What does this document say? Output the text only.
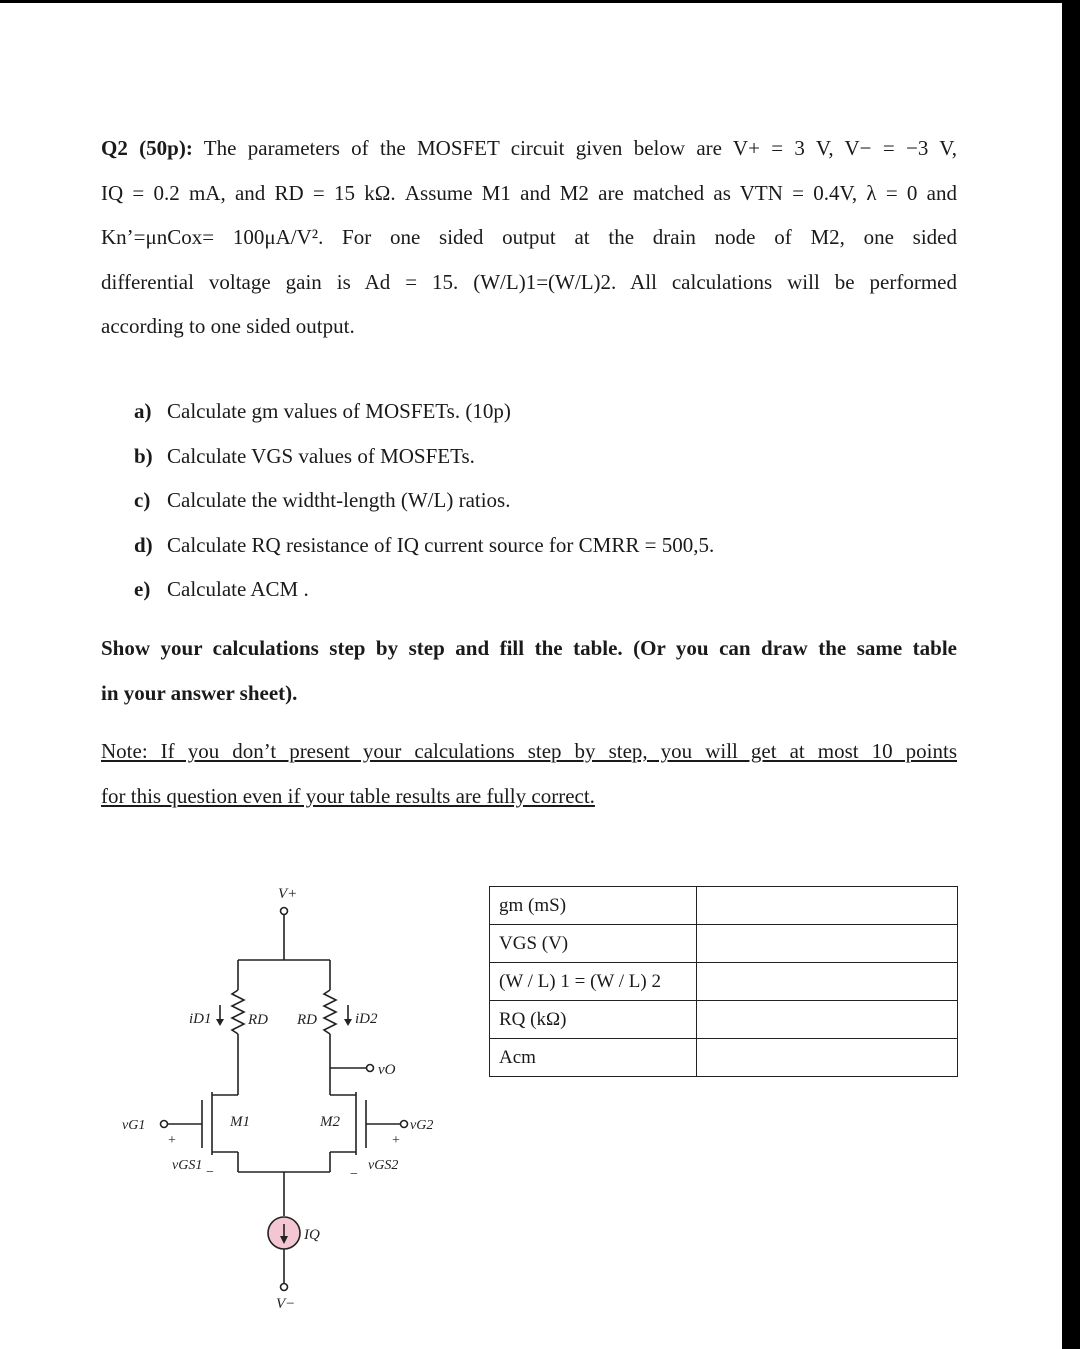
Q2 (50p): The parameters of the MOSFET circuit given below are V+ = 3 V, V− = −3 V,
IQ = 0.2 mA, and RD = 15 kΩ. Assume M1 and M2 are matched as VTN = 0.4V, λ = 0 and
Kn’=μnCox= 100μA/V². For one sided output at the drain node of M2, one sided
differential voltage gain is Ad = 15. (W/L)1=(W/L)2. All calculations will be performed
according to one sided output.
a) Calculate gm values of MOSFETs. (10p)
b) Calculate VGS values of MOSFETs.
c) Calculate the widtht-length (W/L) ratios.
d) Calculate RQ resistance of IQ current source for CMRR = 500,5.
e) Calculate ACM .
Show your calculations step by step and fill the table. (Or you can draw the same table
in your answer sheet).
Note: If you don’t present your calculations step by step, you will get at most 10 points
for this question even if your table results are fully correct.
V+
RD RD
iD1	iD2
vO
vG1	M1	vG2
M2
+
vGS1 −
+
vGS2
−
IQ
V−
gm (mS)	
VGS (V)	
(W / L) 1 = (W / L) 2	
RQ (kΩ)	
Acm	
